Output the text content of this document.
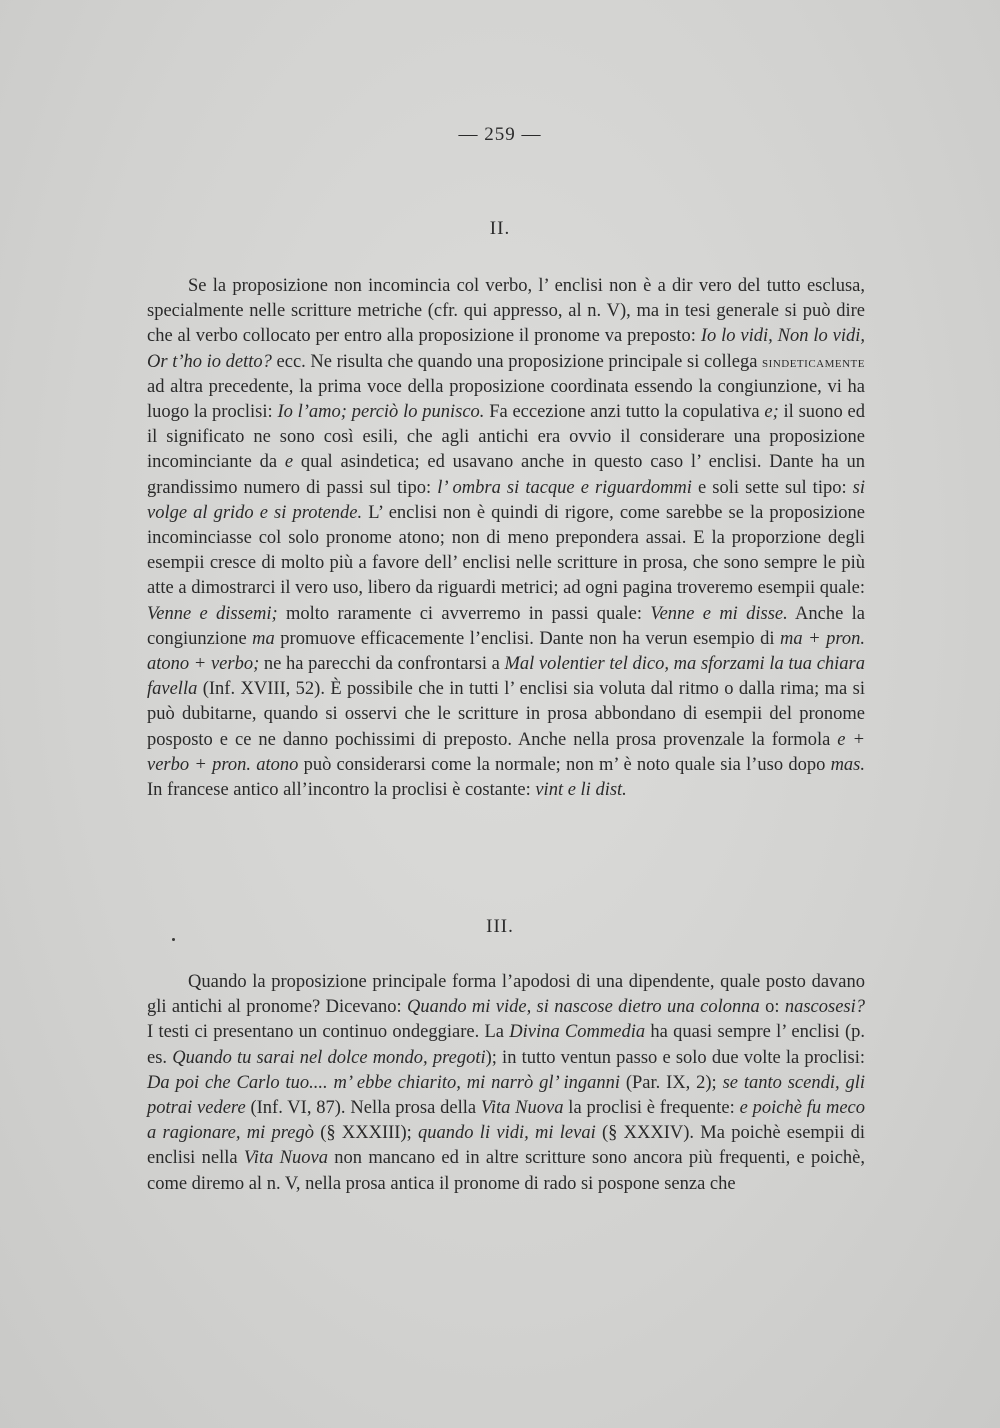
— 259 —
II.

Se la proposizione non incomincia col verbo, l’ enclisi non è a dir vero del tutto esclusa, specialmente nelle scritture metriche (cfr. qui appresso, al n. V), ma in tesi generale si può dire che al verbo collocato per entro alla proposizione il pronome va preposto: Io lo vidi, Non lo vidi, Or t’ho io detto? ecc. Ne risulta che quando una proposizione principale si collega sindeticamente ad altra precedente, la prima voce della proposizione coordinata essendo la congiunzione, vi ha luogo la proclisi: Io l’amo; perciò lo punisco. Fa eccezione anzi tutto la copulativa e; il suono ed il significato ne sono così esili, che agli antichi era ovvio il considerare una proposizione incominciante da e qual asindetica; ed usavano anche in questo caso l’ enclisi. Dante ha un grandissimo numero di passi sul tipo: l’ ombra si tacque e riguardommi e soli sette sul tipo: si volge al grido e si protende. L’ enclisi non è quindi di rigore, come sarebbe se la proposizione incominciasse col solo pronome atono; non di meno prepondera assai. E la proporzione degli esempii cresce di molto più a favore dell’ enclisi nelle scritture in prosa, che sono sempre le più atte a dimostrarci il vero uso, libero da riguardi metrici; ad ogni pagina troveremo esempii quale: Venne e dissemi; molto raramente ci avverremo in passi quale: Venne e mi disse. Anche la congiunzione ma promuove efficacemente l’enclisi. Dante non ha verun esempio di ma + pron. atono + verbo; ne ha parecchi da confrontarsi a Mal volentier tel dico, ma sforzami la tua chiara favella (Inf. XVIII, 52). È possibile che in tutti l’ enclisi sia voluta dal ritmo o dalla rima; ma si può dubitarne, quando si osservi che le scritture in prosa abbondano di esempii del pronome posposto e ce ne danno pochissimi di preposto. Anche nella prosa provenzale la formola e + verbo + pron. atono può considerarsi come la normale; non m’ è noto quale sia l’uso dopo mas. In francese antico all’incontro la proclisi è costante: vint e li dist.

III.

Quando la proposizione principale forma l’apodosi di una dipendente, quale posto davano gli antichi al pronome? Dicevano: Quando mi vide, si nascose dietro una colonna o: nascosesi? I testi ci presentano un continuo ondeggiare. La Divina Commedia ha quasi sempre l’ enclisi (p. es. Quando tu sarai nel dolce mondo, pregoti); in tutto ventun passo e solo due volte la proclisi: Da poi che Carlo tuo.... m’ ebbe chiarito, mi narrò gl’ inganni (Par. IX, 2); se tanto scendi, gli potrai vedere (Inf. VI, 87). Nella prosa della Vita Nuova la proclisi è frequente: e poichè fu meco a ragionare, mi pregò (§ XXXIII); quando li vidi, mi levai (§ XXXIV). Ma poichè esempii di enclisi nella Vita Nuova non mancano ed in altre scritture sono ancora più frequenti, e poichè, come diremo al n. V, nella prosa antica il pronome di rado si pospone senza che
